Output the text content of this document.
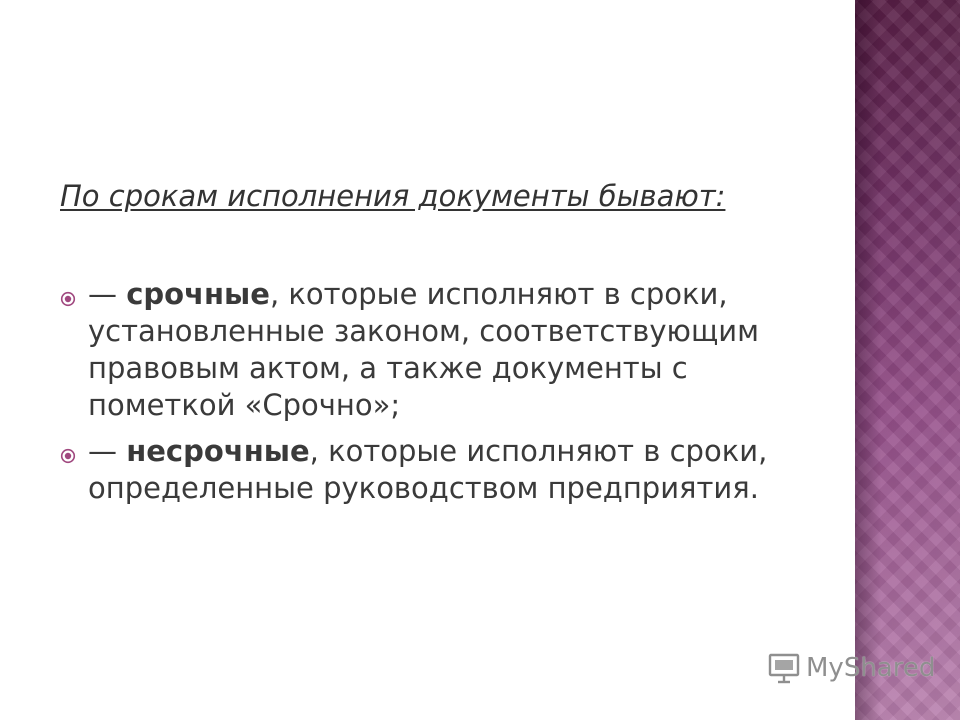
По срокам исполнения документы бывают:
— срочные, которые исполняют в сроки, установленные законом, соответствующим правовым актом, а также документы с пометкой «Срочно»;
— несрочные, которые исполняют в сроки, определенные руководством предприятия.
MyShared
